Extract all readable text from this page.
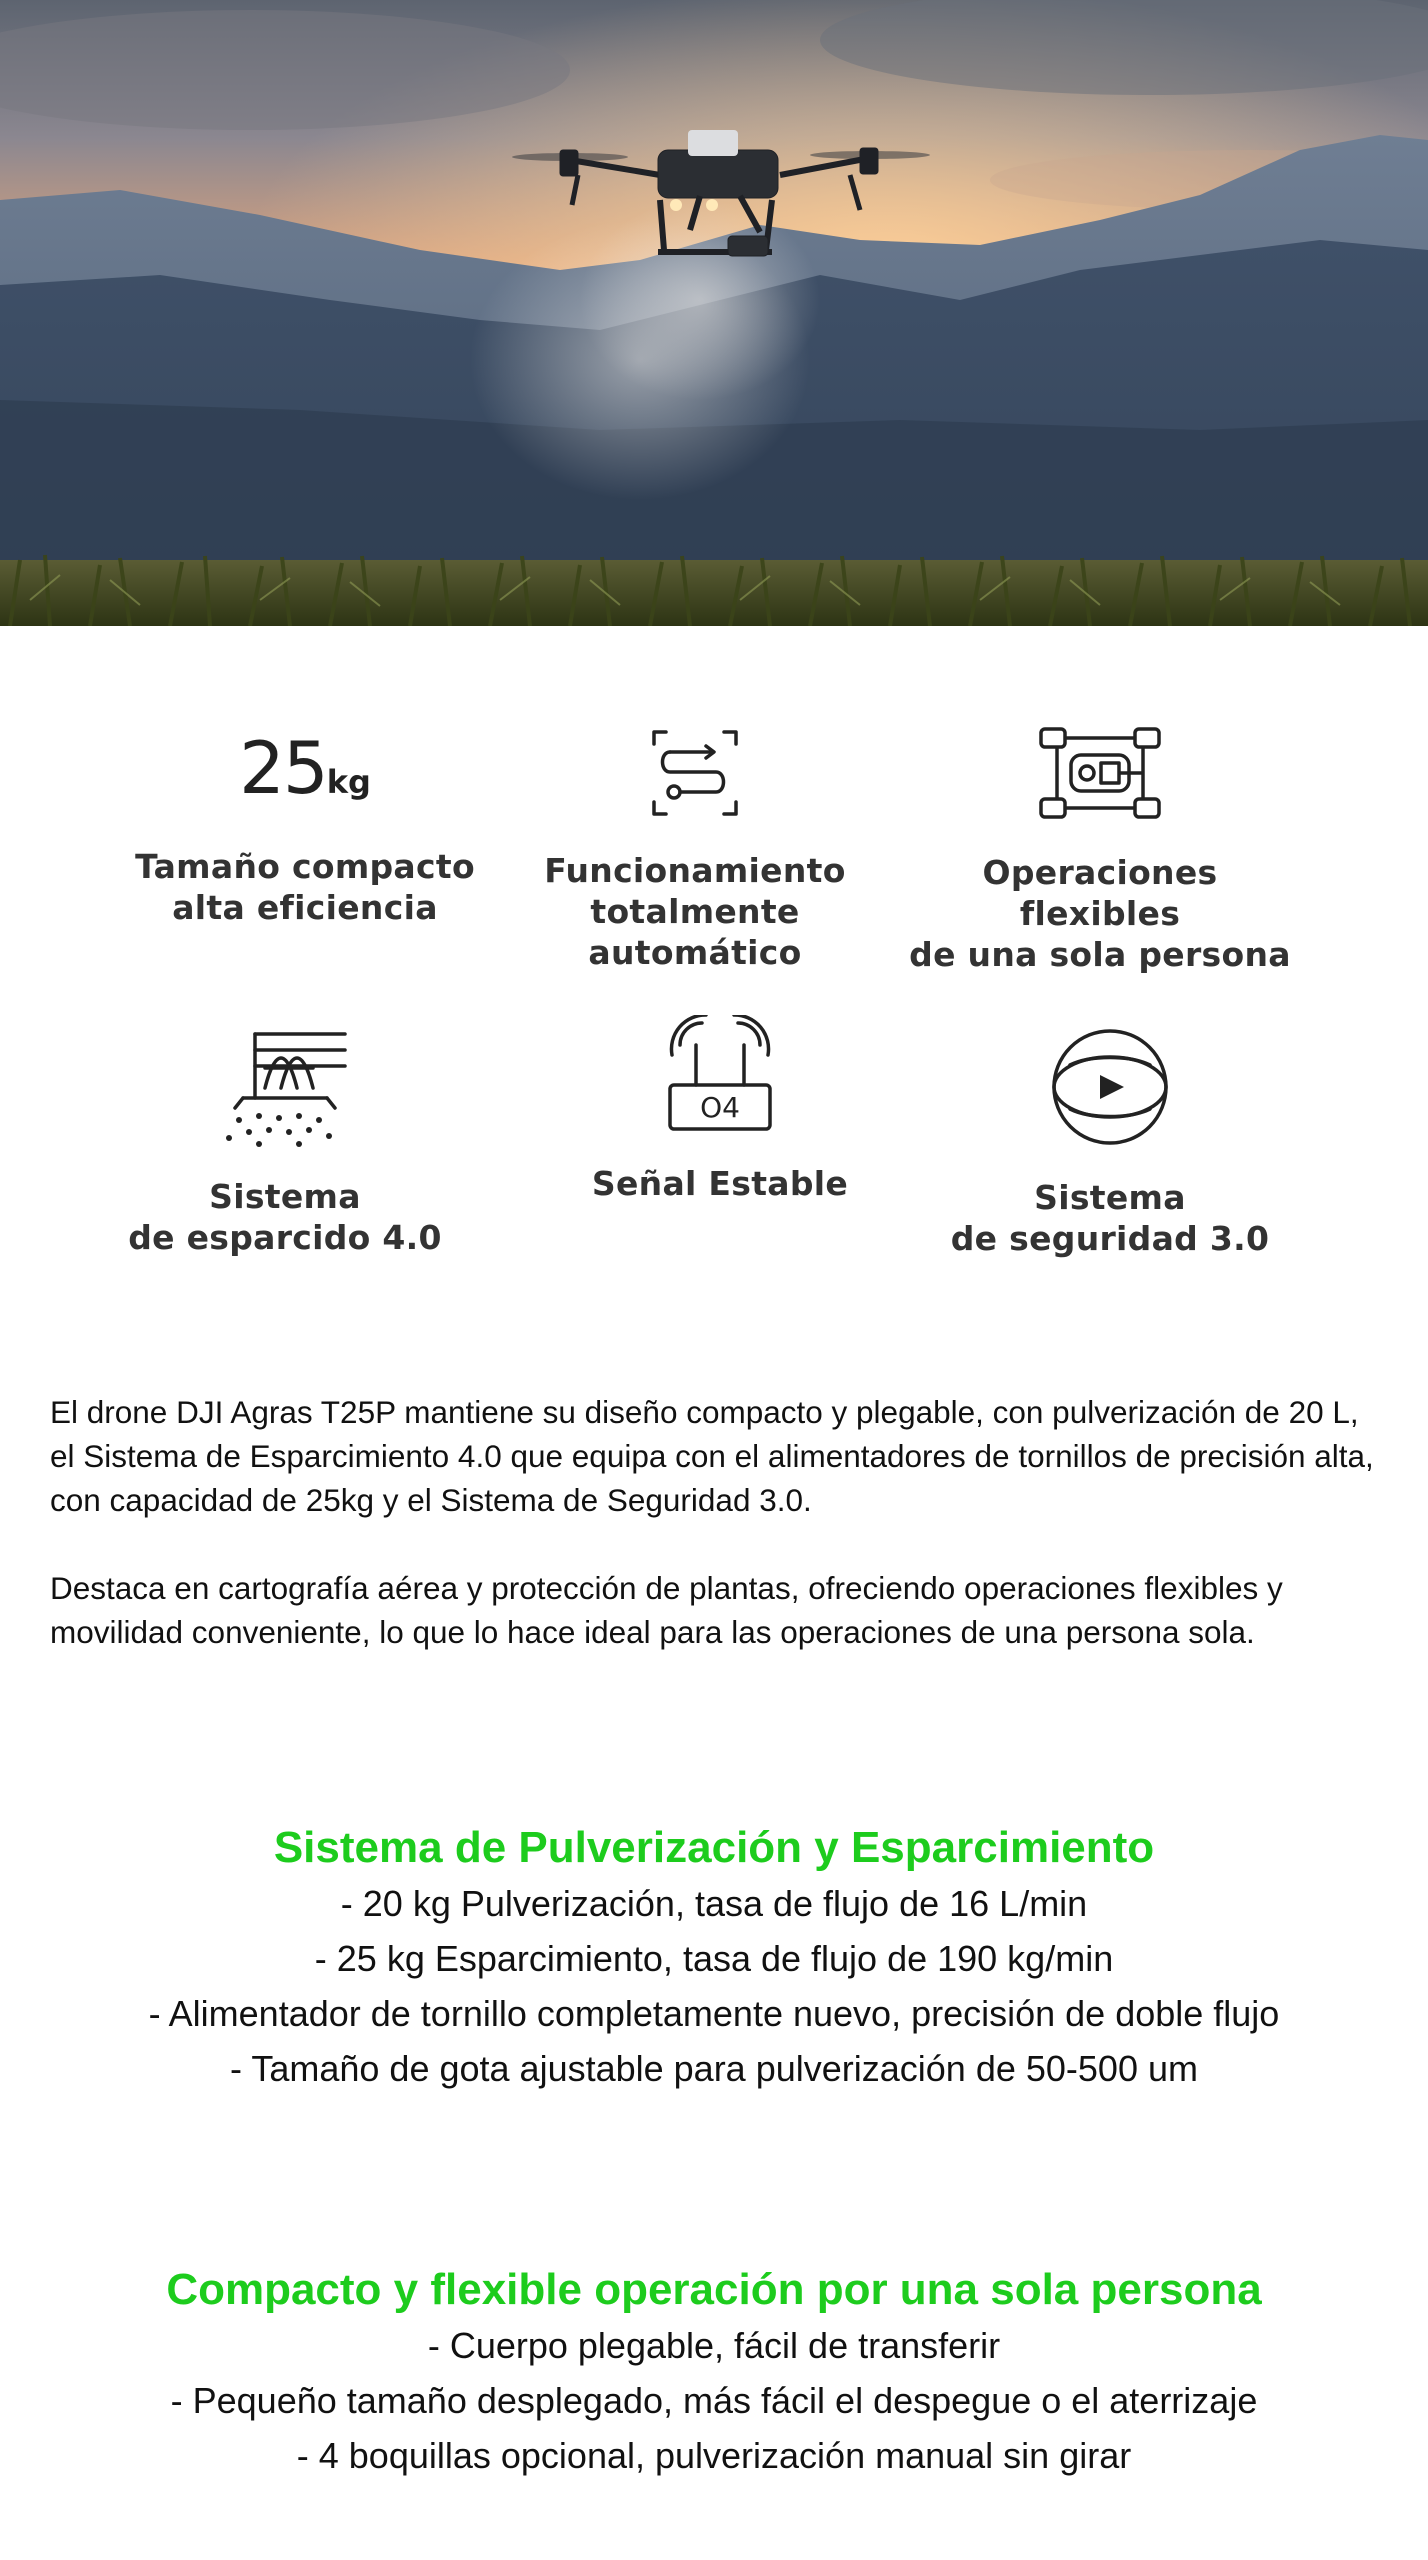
25kg
Tamaño compacto
alta eficiencia
Funcionamiento
totalmente automático
Operaciones flexibles
de una sola persona
Sistema
de esparcido 4.0
O4
Señal Estable	Sistema
de seguridad 3.0

El drone DJI Agras T25P mantiene su diseño compacto y plegable, con pulverización de 20 L, el Sistema de Esparcimiento 4.0 que equipa con el alimentadores de tornillos de precisión alta, con capacidad de 25kg y el Sistema de Seguridad 3.0.

Destaca en cartografía aérea y protección de plantas, ofreciendo operaciones flexibles y movilidad conveniente, lo que lo hace ideal para las operaciones de una persona sola.

Sistema de Pulverización y Esparcimiento
- 20 kg Pulverización, tasa de flujo de 16 L/min
- 25 kg Esparcimiento, tasa de flujo de 190 kg/min
- Alimentador de tornillo completamente nuevo, precisión de doble flujo
- Tamaño de gota ajustable para pulverización de 50-500 um
Compacto y flexible operación por una sola persona
- Cuerpo plegable, fácil de transferir
- Pequeño tamaño desplegado, más fácil el despegue o el aterrizaje
- 4 boquillas opcional, pulverización manual sin girar
